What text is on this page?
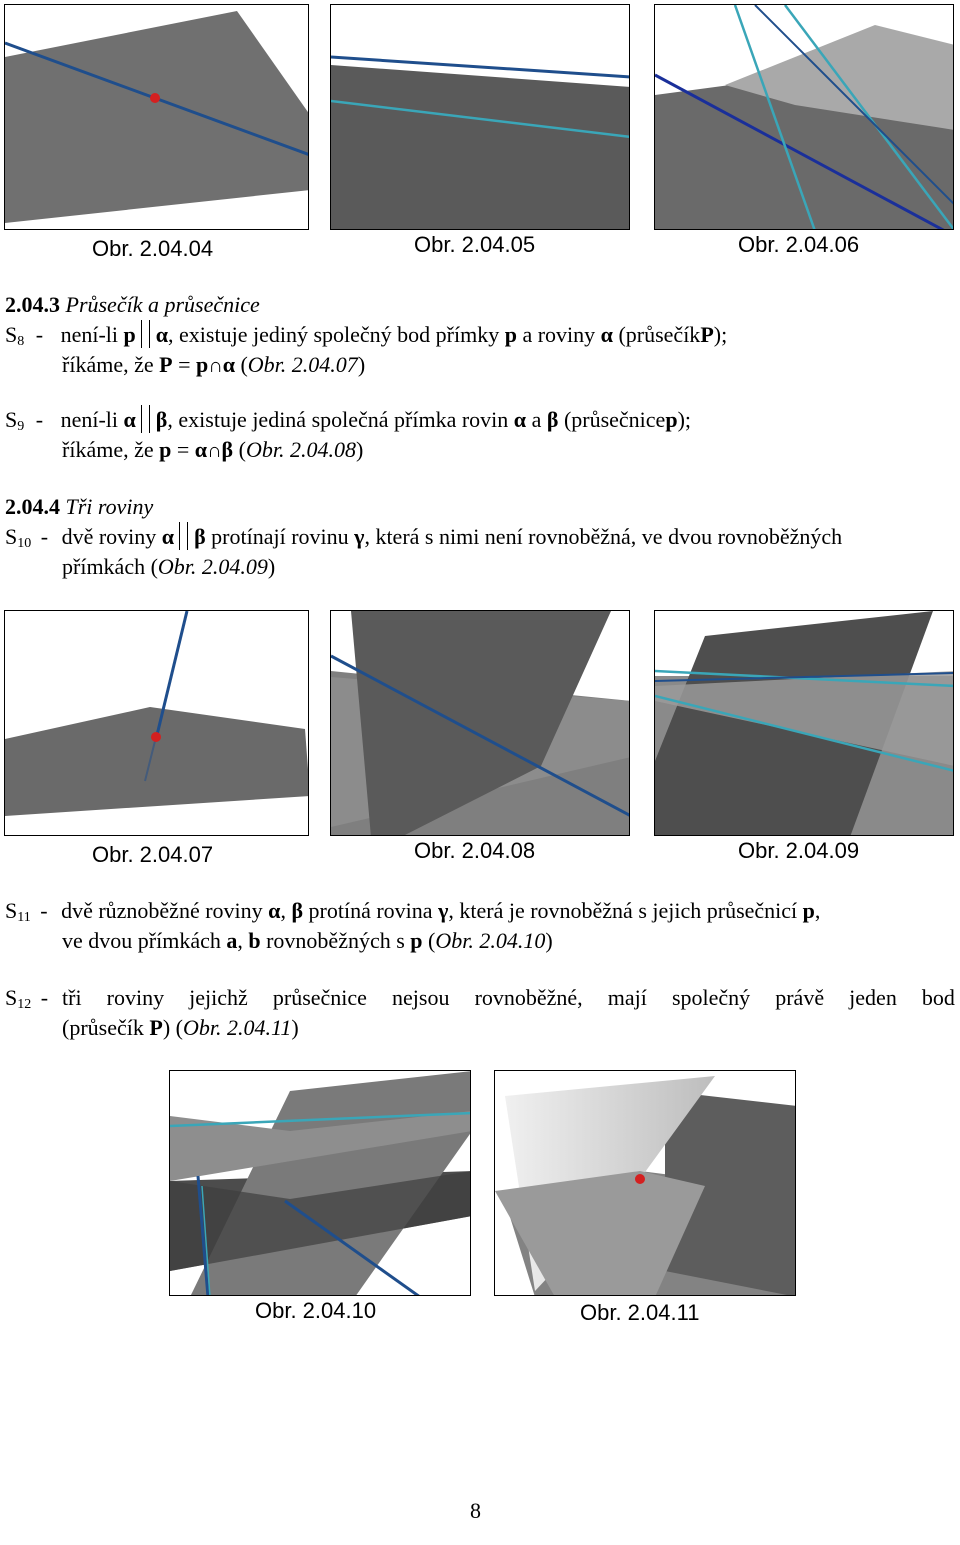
Obr. 2.04.04	Obr. 2.04.05	Obr. 2.04.06
2.04.3 Průsečík a průsečnice
$S_8$ - není-li p α, existuje jediný společný bod přímky p a roviny α (průsečíkP);
říkáme, že P = p∩α (Obr. 2.04.07)
$S_9$ - není-li α β, existuje jediná společná přímka rovin α a β (průsečnicep);
říkáme, že p = α∩β (Obr. 2.04.08)
2.04.4 Tři roviny
$S_{10}$ - dvě roviny α β protínají rovinu γ, která s nimi není rovnoběžná, ve dvou rovnoběžných
přímkách (Obr. 2.04.09)
Obr. 2.04.07	Obr. 2.04.08	Obr. 2.04.09
$S_{11}$ - dvě různoběžné roviny α, β protíná rovina γ, která je rovnoběžná s jejich průsečnicí p,
ve dvou přímkách a, b rovnoběžných s p (Obr. 2.04.10)
$S_{12}$ - tři roviny jejichž průsečnice nejsou rovnoběžné, mají společný právě jeden bod
(průsečík P) (Obr. 2.04.11)
Obr. 2.04.10	Obr. 2.04.11
8
